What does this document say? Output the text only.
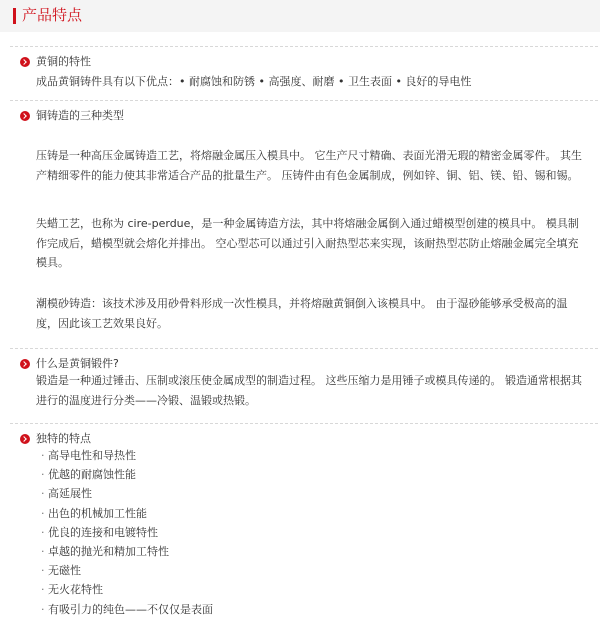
产品特点
黄铜的特性
成品黄铜铸件具有以下优点：• 耐腐蚀和防锈 • 高强度、耐磨 • 卫生表面 • 良好的导电性
铜铸造的三种类型
压铸是一种高压金属铸造工艺，将熔融金属压入模具中。 它生产尺寸精确、表面光滑无瑕的精密金属零件。 其生产精细零件的能力使其非常适合产品的批量生产。 压铸件由有色金属制成，例如锌、铜、铝、镁、铅、锡和锡。
失蜡工艺，也称为 cire-perdue，是一种金属铸造方法，其中将熔融金属倒入通过蜡模型创建的模具中。 模具制作完成后，蜡模型就会熔化并排出。 空心型芯可以通过引入耐热型芯来实现，该耐热型芯防止熔融金属完全填充模具。
潮模砂铸造：该技术涉及用砂骨料形成一次性模具，并将熔融黄铜倒入该模具中。 由于湿砂能够承受极高的温度，因此该工艺效果良好。
什么是黄铜锻件?
锻造是一种通过锤击、压制或滚压使金属成型的制造过程。 这些压缩力是用锤子或模具传递的。 锻造通常根据其进行的温度进行分类——冷锻、温锻或热锻。
独特的特点
· 高导电性和导热性
· 优越的耐腐蚀性能
· 高延展性
· 出色的机械加工性能
· 优良的连接和电镀特性
· 卓越的抛光和精加工特性
· 无磁性
· 无火花特性
· 有吸引力的纯色——不仅仅是表面
